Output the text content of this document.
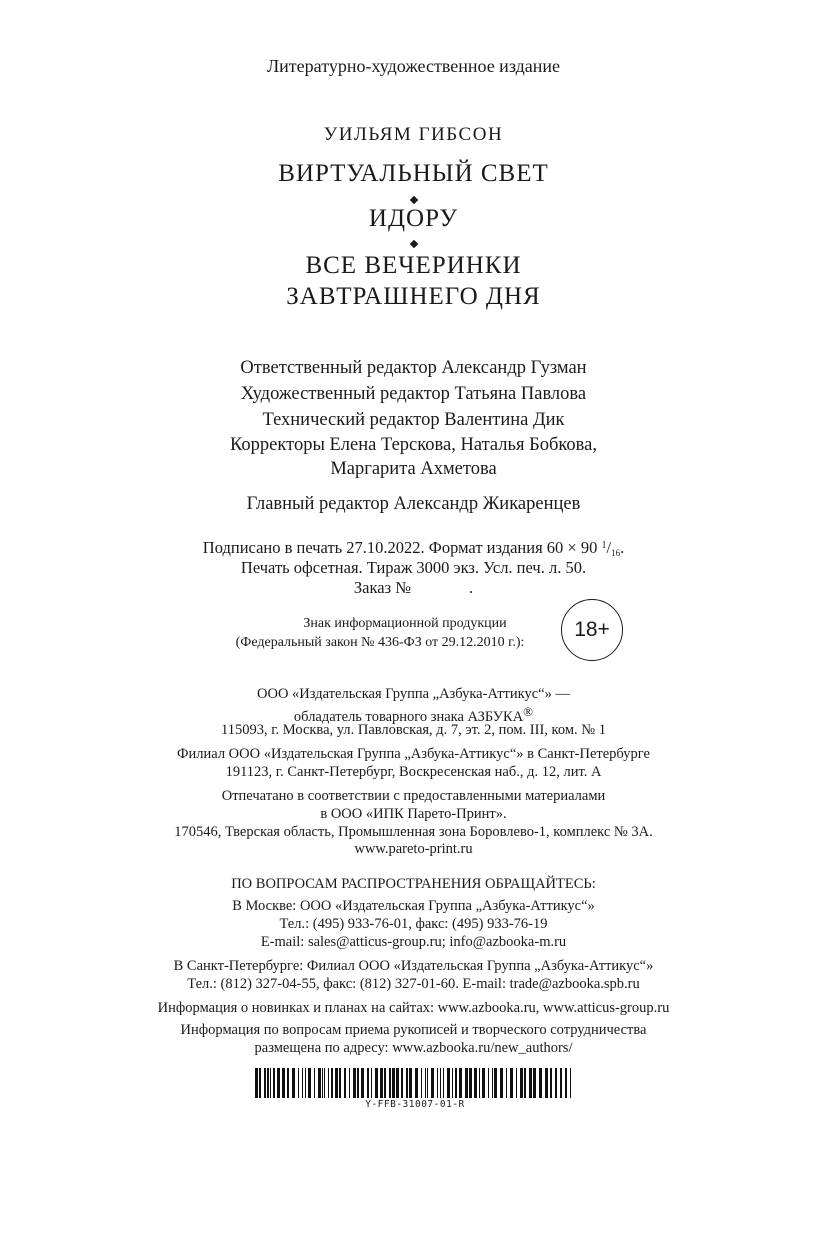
Литературно-художественное издание
УИЛЬЯМ ГИБСОН
ВИРТУАЛЬНЫЙ СВЕТ
ИДОРУ
ВСЕ ВЕЧЕРИНКИ
ЗАВТРАШНЕГО ДНЯ
Ответственный редактор Александр Гузман
Художественный редактор Татьяна Павлова
Технический редактор Валентина Дик
Корректоры Елена Терскова, Наталья Бобкова,
Маргарита Ахметова
Главный редактор Александр Жикаренцев
Подписано в печать 27.10.2022. Формат издания 60 × 90 $^1/_{16}$.
Печать офсетная. Тираж 3000 экз. Усл. печ. л. 50.
Заказ №	.
Знак информационной продукции
(Федеральный закон № 436-ФЗ от 29.12.2010 г.):
18+
ООО «Издательская Группа „Азбука-Аттикус“» —
обладатель товарного знака АЗБУКА®
115093, г. Москва, ул. Павловская, д. 7, эт. 2, пом. III, ком. № 1
Филиал ООО «Издательская Группа „Азбука-Аттикус“» в Санкт-Петербурге
191123, г. Санкт-Петербург, Воскресенская наб., д. 12, лит. А
Отпечатано в соответствии с предоставленными материалами
в ООО «ИПК Парето-Принт».
170546, Тверская область, Промышленная зона Боровлево-1, комплекс № 3А.
www.pareto-print.ru
ПО ВОПРОСАМ РАСПРОСТРАНЕНИЯ ОБРАЩАЙТЕСЬ:
В Москве: ООО «Издательская Группа „Азбука-Аттикус“»
Тел.: (495) 933-76-01, факс: (495) 933-76-19
E-mail: sales@atticus-group.ru; info@azbooka-m.ru
В Санкт-Петербурге: Филиал ООО «Издательская Группа „Азбука-Аттикус“»
Тел.: (812) 327-04-55, факс: (812) 327-01-60. E-mail: trade@azbooka.spb.ru
Информация о новинках и планах на сайтах: www.azbooka.ru, www.atticus-group.ru
Информация по вопросам приема рукописей и творческого сотрудничества
размещена по адресу: www.azbooka.ru/new_authors/
Y-FFB-31007-01-R
